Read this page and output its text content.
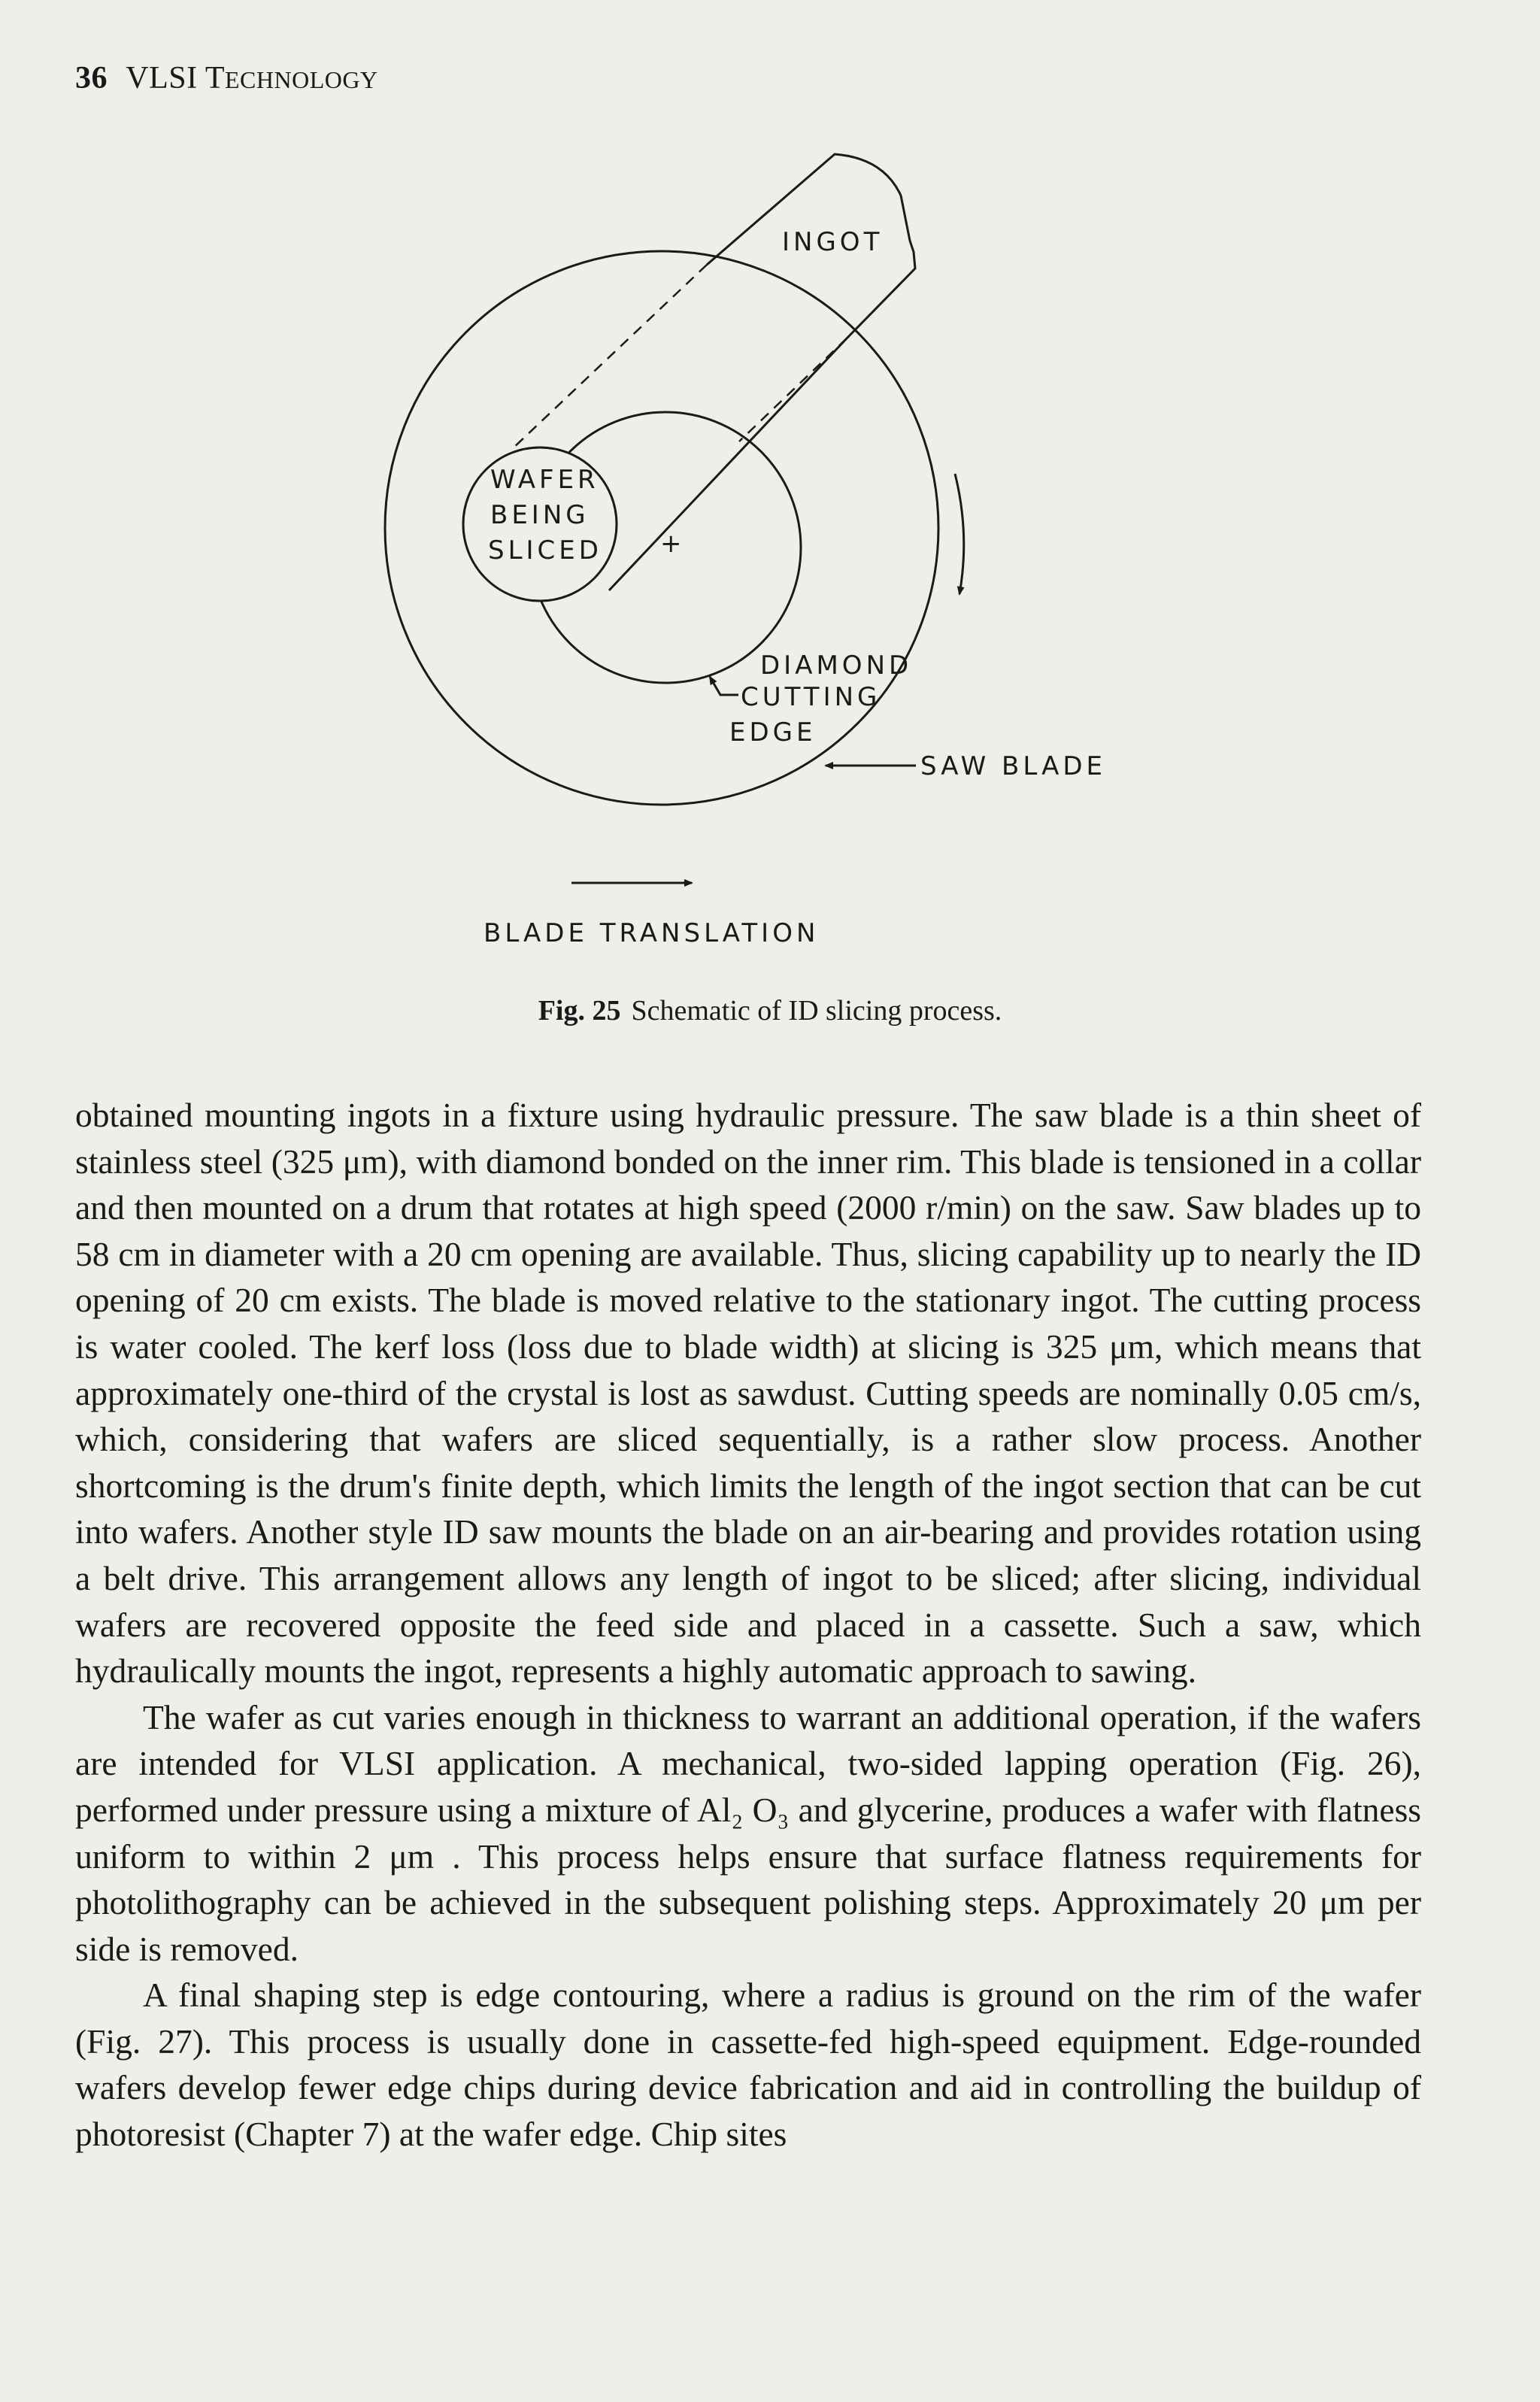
36 VLSI TECHNOLOGY
INGOT
WAFER
BEING
SLICED +
DIAMOND
CUTTING
EDGE
SAW BLADE
BLADE TRANSLATION
Fig. 25 Schematic of ID slicing process.

obtained mounting ingots in a fixture using hydraulic pressure. The saw blade is a thin sheet of stainless steel (325 μm), with diamond bonded on the inner rim. This blade is tensioned in a collar and then mounted on a drum that rotates at high speed (2000 r/min) on the saw. Saw blades up to 58 cm in diameter with a 20 cm opening are available. Thus, slicing capability up to nearly the ID opening of 20 cm exists. The blade is moved relative to the stationary ingot. The cutting process is water cooled. The kerf loss (loss due to blade width) at slicing is 325 μm, which means that approximately one-third of the crystal is lost as sawdust. Cutting speeds are nominally 0.05 cm/s, which, considering that wafers are sliced sequentially, is a rather slow process. Another shortcoming is the drum's finite depth, which limits the length of the ingot section that can be cut into wafers. Another style ID saw mounts the blade on an air-bearing and provides rotation using a belt drive. This arrangement allows any length of ingot to be sliced; after slicing, individual wafers are recovered opposite the feed side and placed in a cassette. Such a saw, which hydraulically mounts the ingot, represents a highly automatic approach to sawing.

The wafer as cut varies enough in thickness to warrant an additional operation, if the wafers are intended for VLSI application. A mechanical, two-sided lapping operation (Fig. 26), performed under pressure using a mixture of Al₂ O₃ and glycerine, produces a wafer with flatness uniform to within 2 μm . This process helps ensure that surface flatness requirements for photolithography can be achieved in the subsequent polishing steps. Approximately 20 μm per side is removed.

A final shaping step is edge contouring, where a radius is ground on the rim of the wafer (Fig. 27). This process is usually done in cassette-fed high-speed equipment. Edge-rounded wafers develop fewer edge chips during device fabrication and aid in controlling the buildup of photoresist (Chapter 7) at the wafer edge. Chip sites
